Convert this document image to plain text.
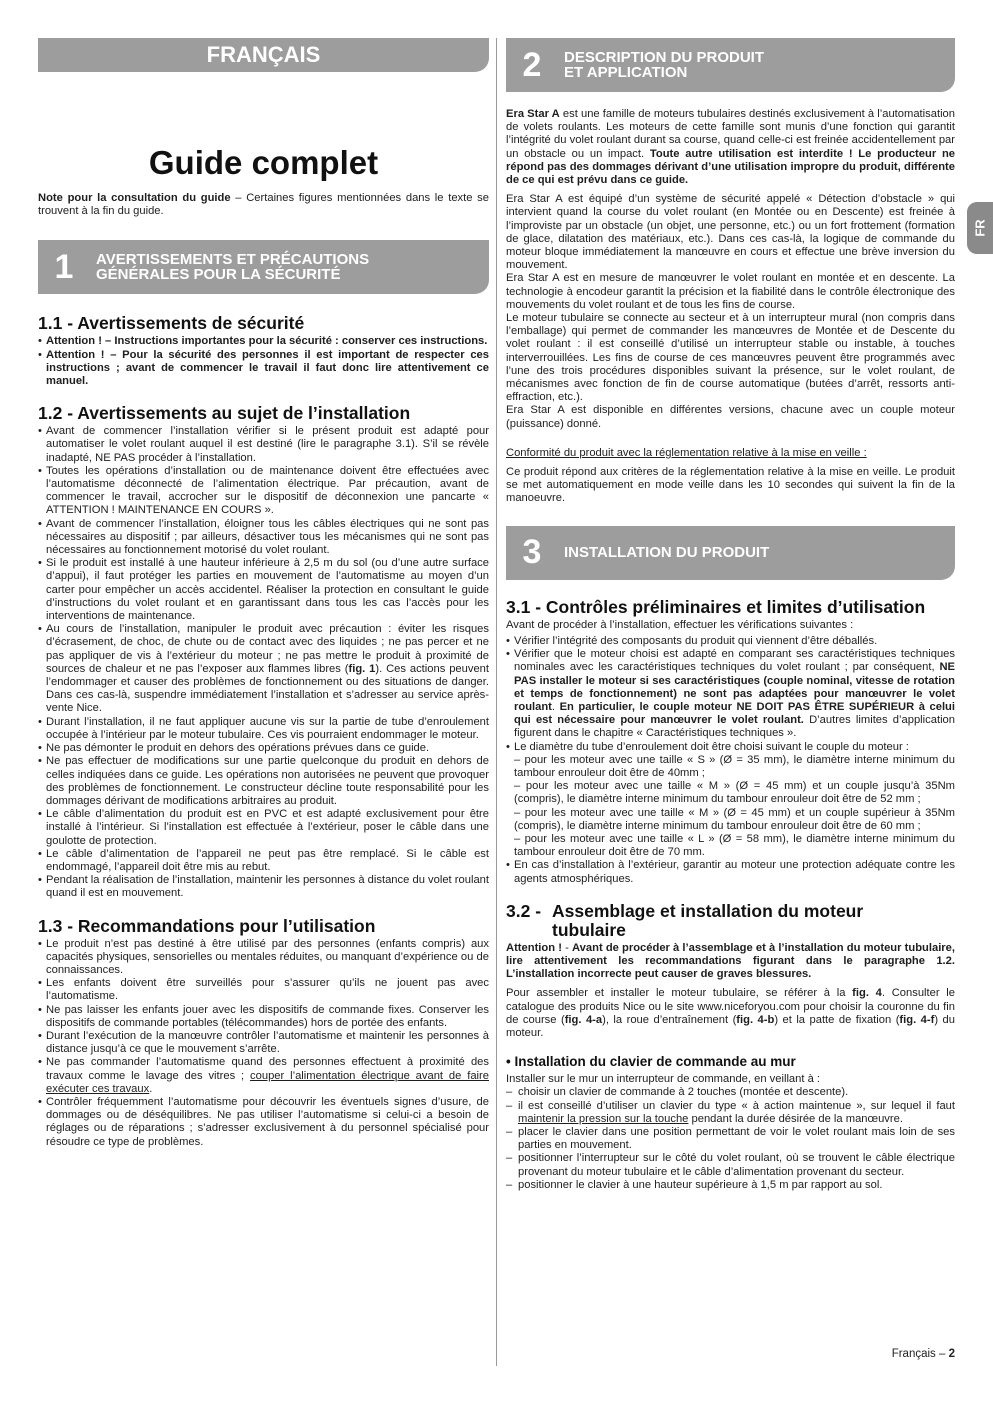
FR
FRANÇAIS
Guide complet

Note pour la consultation du guide – Certaines figures mentionnées dans le texte se trouvent à la fin du guide.

1	AVERTISSEMENTS ET PRÉCAUTIONS
GÉNÉRALES POUR LA SÉCURITÉ
1.1 - Avertissements de sécurité
• Attention ! – Instructions importantes pour la sécurité : conserver ces instructions.
• Attention ! – Pour la sécurité des personnes il est important de respecter ces instructions ; avant de commencer le travail il faut donc lire attentivement ce manuel.
1.2 - Avertissements au sujet de l’installation
• Avant de commencer l’installation vérifier si le présent produit est adapté pour automatiser le volet roulant auquel il est destiné (lire le paragraphe 3.1). S’il se révèle inadapté, NE PAS procéder à l’installation.
• Toutes les opérations d’installation ou de maintenance doivent être effectuées avec l’automatisme déconnecté de l’alimentation électrique. Par précaution, avant de commencer le travail, accrocher sur le dispositif de déconnexion une pancarte « ATTENTION ! MAINTENANCE EN COURS ».
• Avant de commencer l’installation, éloigner tous les câbles électriques qui ne sont pas nécessaires au dispositif ; par ailleurs, désactiver tous les mécanismes qui ne sont pas nécessaires au fonctionnement motorisé du volet roulant.
• Si le produit est installé à une hauteur inférieure à 2,5 m du sol (ou d’une autre surface d’appui), il faut protéger les parties en mouvement de l’automatisme au moyen d’un carter pour empêcher un accès accidentel. Réaliser la protection en consultant le guide d’instructions du volet roulant et en garantissant dans tous les cas l’accès pour les interventions de maintenance.
• Au cours de l’installation, manipuler le produit avec précaution : éviter les risques d’écrasement, de choc, de chute ou de contact avec des liquides ; ne pas percer et ne pas appliquer de vis à l’extérieur du moteur ; ne pas mettre le produit à proximité de sources de chaleur et ne pas l’exposer aux flammes libres (fig. 1). Ces actions peuvent l’endommager et causer des problèmes de fonctionnement ou des situations de danger. Dans ces cas-là, suspendre immédiatement l’installation et s’adresser au service après-vente Nice.
• Durant l’installation, il ne faut appliquer aucune vis sur la partie de tube d’enroulement occupée à l’intérieur par le moteur tubulaire. Ces vis pourraient endommager le moteur.
• Ne pas démonter le produit en dehors des opérations prévues dans ce guide.
• Ne pas effectuer de modifications sur une partie quelconque du produit en dehors de celles indiquées dans ce guide. Les opérations non autorisées ne peuvent que provoquer des problèmes de fonctionnement. Le constructeur décline toute responsabilité pour les dommages dérivant de modifications arbitraires au produit.
• Le câble d’alimentation du produit est en PVC et est adapté exclusivement pour être installé à l’intérieur. Si l’installation est effectuée à l’extérieur, poser le câble dans une goulotte de protection.
• Le câble d’alimentation de l’appareil ne peut pas être remplacé. Si le câble est endommagé, l’appareil doit être mis au rebut.
• Pendant la réalisation de l’installation, maintenir les personnes à distance du volet roulant quand il est en mouvement.
1.3 - Recommandations pour l’utilisation
• Le produit n’est pas destiné à être utilisé par des personnes (enfants compris) aux capacités physiques, sensorielles ou mentales réduites, ou manquant d’expérience ou de connaissances.
• Les enfants doivent être surveillés pour s’assurer qu’ils ne jouent pas avec l’automatisme.
• Ne pas laisser les enfants jouer avec les dispositifs de commande fixes. Conserver les dispositifs de commande portables (télécommandes) hors de portée des enfants.
• Durant l’exécution de la manœuvre contrôler l’automatisme et maintenir les personnes à distance jusqu’à ce que le mouvement s’arrête.
• Ne pas commander l’automatisme quand des personnes effectuent à proximité des travaux comme le lavage des vitres ; couper l’alimentation électrique avant de faire exécuter ces travaux.
• Contrôler fréquemment l’automatisme pour découvrir les éventuels signes d’usure, de dommages ou de déséquilibres. Ne pas utiliser l’automatisme si celui-ci a besoin de réglages ou de réparations ; s’adresser exclusivement à du personnel spécialisé pour résoudre ce type de problèmes.
2	DESCRIPTION DU PRODUIT
ET APPLICATION

Era Star A est une famille de moteurs tubulaires destinés exclusivement à l’automatisation de volets roulants. Les moteurs de cette famille sont munis d’une fonction qui garantit l’intégrité du volet roulant durant sa course, quand celle-ci est freinée accidentellement par un obstacle ou un impact. Toute autre utilisation est interdite ! Le producteur ne répond pas des dommages dérivant d’une utilisation impropre du produit, différente de ce qui est prévu dans ce guide.

Era Star A est équipé d’un système de sécurité appelé « Détection d’obstacle » qui intervient quand la course du volet roulant (en Montée ou en Descente) est freinée à l’improviste par un obstacle (un objet, une personne, etc.) ou un fort frottement (formation de glace, dilatation des matériaux, etc.). Dans ces cas-là, la logique de commande du moteur bloque immédiatement la manœuvre en cours et effectue une brève inversion du mouvement.

Era Star A est en mesure de manœuvrer le volet roulant en montée et en descente. La technologie à encodeur garantit la précision et la fiabilité dans le contrôle électronique des mouvements du volet roulant et de tous les fins de course.

Le moteur tubulaire se connecte au secteur et à un interrupteur mural (non compris dans l’emballage) qui permet de commander les manœuvres de Montée et de Descente du volet roulant : il est conseillé d’utilisé un interrupteur stable ou instable, à touches interverrouillées. Les fins de course de ces manœuvres peuvent être programmés avec l’une des trois procédures disponibles suivant la présence, sur le volet roulant, de mécanismes avec fonction de fin de course automatique (butées d’arrêt, ressorts anti-effraction, etc.).

Era Star A est disponible en différentes versions, chacune avec un couple moteur (puissance) donné.

Conformité du produit avec la réglementation relative à la mise en veille :

Ce produit répond aux critères de la réglementation relative à la mise en veille. Le produit se met automatiquement en mode veille dans les 10 secondes qui suivent la fin de la manoeuvre.

3	INSTALLATION DU PRODUIT
3.1 - Contrôles préliminaires et limites d’utilisation

Avant de procéder à l’installation, effectuer les vérifications suivantes :

• Vérifier l’intégrité des composants du produit qui viennent d’être déballés.
• Vérifier que le moteur choisi est adapté en comparant ses caractéristiques techniques nominales avec les caractéristiques techniques du volet roulant ; par conséquent, NE PAS installer le moteur si ses caractéristiques (couple nominal, vitesse de rotation et temps de fonctionnement) ne sont pas adaptées pour manœuvrer le volet roulant. En particulier, le couple moteur NE DOIT PAS ÊTRE SUPÉRIEUR à celui qui est nécessaire pour manœuvrer le volet roulant. D’autres limites d’application figurent dans le chapitre « Caractéristiques techniques ».
• Le diamètre du tube d’enroulement doit être choisi suivant le couple du moteur :
– pour les moteur avec une taille « S » (Ø = 35 mm), le diamètre interne minimum du tambour enrouleur doit être de 40mm ;
– pour les moteur avec une taille « M » (Ø = 45 mm) et un couple jusqu’à 35Nm (compris), le diamètre interne minimum du tambour enrouleur doit être de 52 mm ;
– pour les moteur avec une taille « M » (Ø = 45 mm) et un couple supérieur à 35Nm (compris), le diamètre interne minimum du tambour enrouleur doit être de 60 mm ;
– pour les moteur avec une taille « L » (Ø = 58 mm), le diamètre interne minimum du tambour enrouleur doit être de 70 mm.
• En cas d’installation à l’extérieur, garantir au moteur une protection adéquate contre les agents atmosphériques.
3.2 - Assemblage et installation du moteur
tubulaire

Attention ! - Avant de procéder à l’assemblage et à l’installation du moteur tubulaire, lire attentivement les recommandations figurant dans le paragraphe 1.2. L’installation incorrecte peut causer de graves blessures.

Pour assembler et installer le moteur tubulaire, se référer à la fig. 4. Consulter le catalogue des produits Nice ou le site www.niceforyou.com pour choisir la couronne du fin de course (fig. 4-a), la roue d’entraînement (fig. 4-b) et la patte de fixation (fig. 4-f) du moteur.

• Installation du clavier de commande au mur

Installer sur le mur un interrupteur de commande, en veillant à :

– choisir un clavier de commande à 2 touches (montée et descente).
– il est conseillé d’utiliser un clavier du type « à action maintenue », sur lequel il faut maintenir la pression sur la touche pendant la durée désirée de la manœuvre.
– placer le clavier dans une position permettant de voir le volet roulant mais loin de ses parties en mouvement.
– positionner l’interrupteur sur le côté du volet roulant, où se trouvent le câble électrique provenant du moteur tubulaire et le câble d’alimentation provenant du secteur.
– positionner le clavier à une hauteur supérieure à 1,5 m par rapport au sol.
Français – 2
